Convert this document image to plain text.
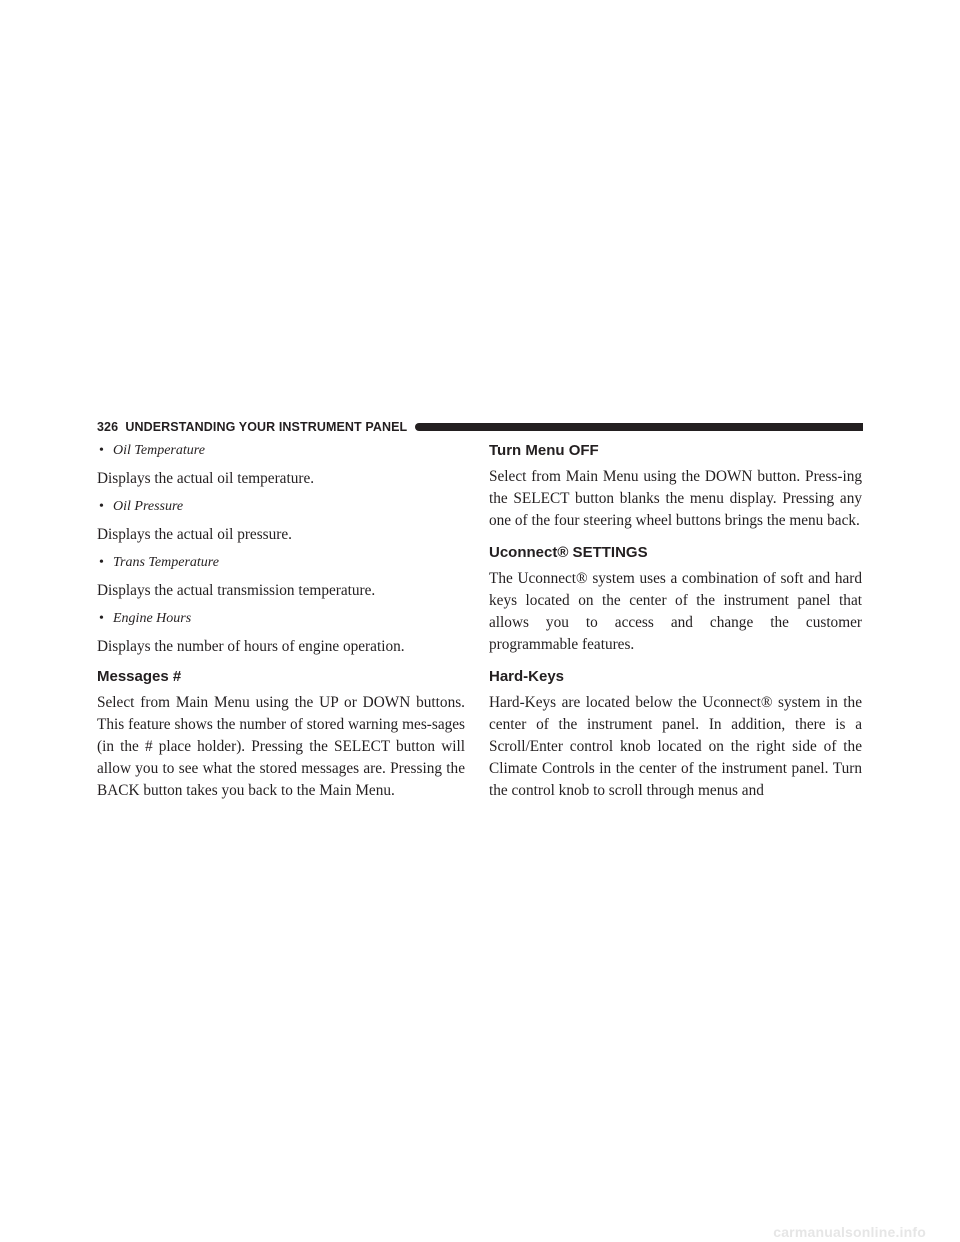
326 UNDERSTANDING YOUR INSTRUMENT PANEL
• Oil Temperature

Displays the actual oil temperature.

• Oil Pressure

Displays the actual oil pressure.

• Trans Temperature

Displays the actual transmission temperature.

• Engine Hours

Displays the number of hours of engine operation.

Messages #

Select from Main Menu using the UP or DOWN buttons. This feature shows the number of stored warning mes-sages (in the # place holder). Pressing the SELECT button will allow you to see what the stored messages are. Pressing the BACK button takes you back to the Main Menu.

Turn Menu OFF

Select from Main Menu using the DOWN button. Press-ing the SELECT button blanks the menu display. Pressing any one of the four steering wheel buttons brings the menu back.

Uconnect® SETTINGS

The Uconnect® system uses a combination of soft and hard keys located on the center of the instrument panel that allows you to access and change the customer programmable features.

Hard-Keys

Hard-Keys are located below the Uconnect® system in the center of the instrument panel. In addition, there is a Scroll/Enter control knob located on the right side of the Climate Controls in the center of the instrument panel. Turn the control knob to scroll through menus and

carmanualsonline.info
